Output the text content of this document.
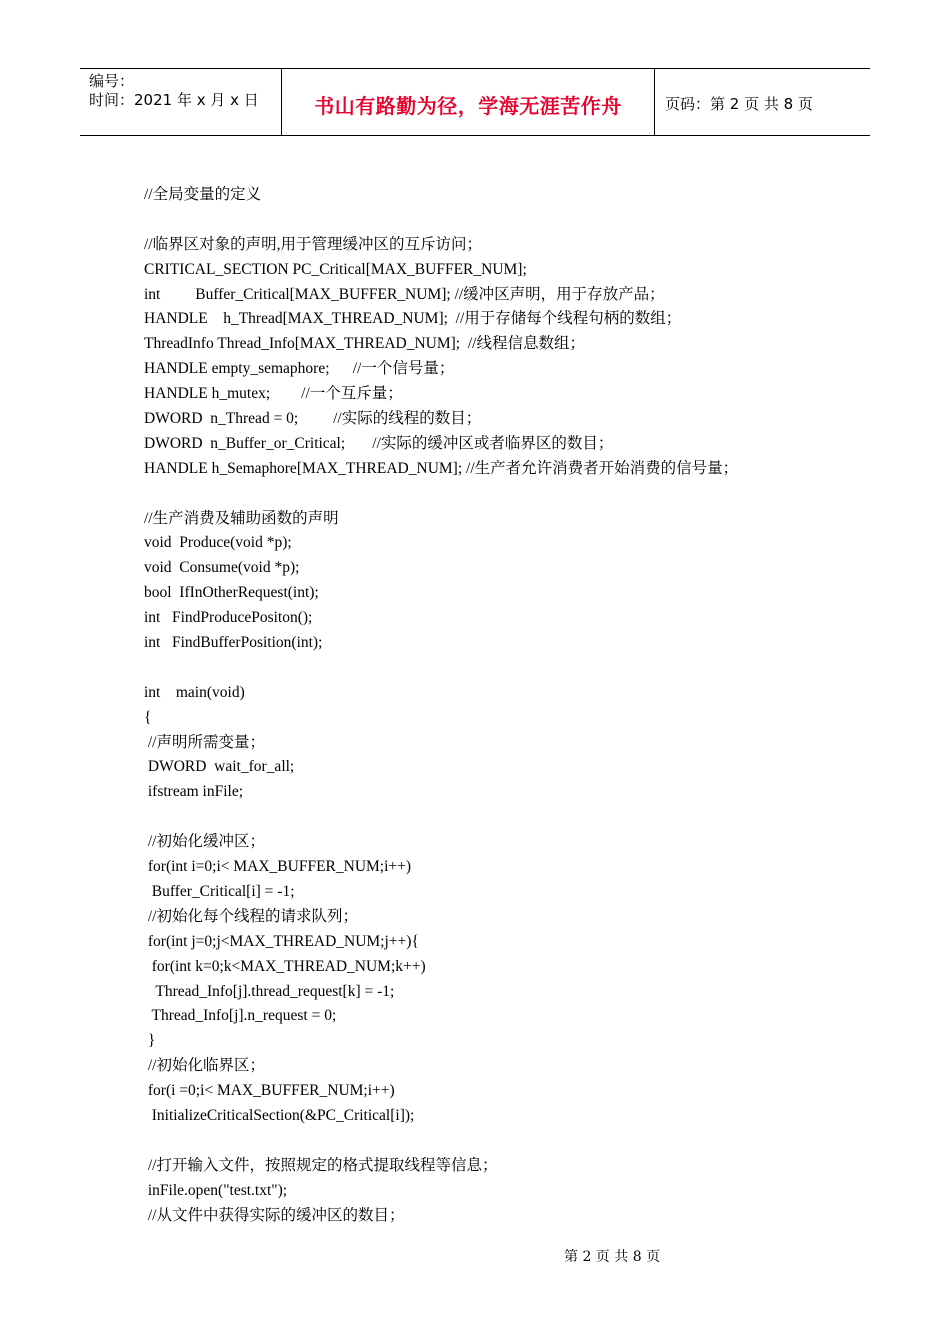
编号：
时间：2021 年 x 月 x 日	书山有路勤为径，学海无涯苦作舟	页码：第 2 页 共 8 页
//全局变量的定义
//临界区对象的声明,用于管理缓冲区的互斥访问；
CRITICAL_SECTION PC_Critical[MAX_BUFFER_NUM];
int         Buffer_Critical[MAX_BUFFER_NUM]; //缓冲区声明，用于存放产品；
HANDLE    h_Thread[MAX_THREAD_NUM];  //用于存储每个线程句柄的数组；
ThreadInfo Thread_Info[MAX_THREAD_NUM];  //线程信息数组；
HANDLE empty_semaphore;      //一个信号量；
HANDLE h_mutex;        //一个互斥量；
DWORD  n_Thread = 0;         //实际的线程的数目；
DWORD  n_Buffer_or_Critical;       //实际的缓冲区或者临界区的数目；
HANDLE h_Semaphore[MAX_THREAD_NUM]; //生产者允许消费者开始消费的信号量；
//生产消费及辅助函数的声明
void  Produce(void *p);
void  Consume(void *p);
bool  IfInOtherRequest(int);
int   FindProducePositon();
int   FindBufferPosition(int);
int    main(void)
{
//声明所需变量；
DWORD  wait_for_all;
ifstream inFile;
//初始化缓冲区；
for(int i=0;i< MAX_BUFFER_NUM;i++)
Buffer_Critical[i] = -1;
//初始化每个线程的请求队列；
for(int j=0;j<MAX_THREAD_NUM;j++){
for(int k=0;k<MAX_THREAD_NUM;k++)
Thread_Info[j].thread_request[k] = -1;
Thread_Info[j].n_request = 0;
}
//初始化临界区；
for(i =0;i< MAX_BUFFER_NUM;i++)
InitializeCriticalSection(&PC_Critical[i]);
//打开输入文件，按照规定的格式提取线程等信息；
inFile.open("test.txt");
//从文件中获得实际的缓冲区的数目；
第 2 页 共 8 页
